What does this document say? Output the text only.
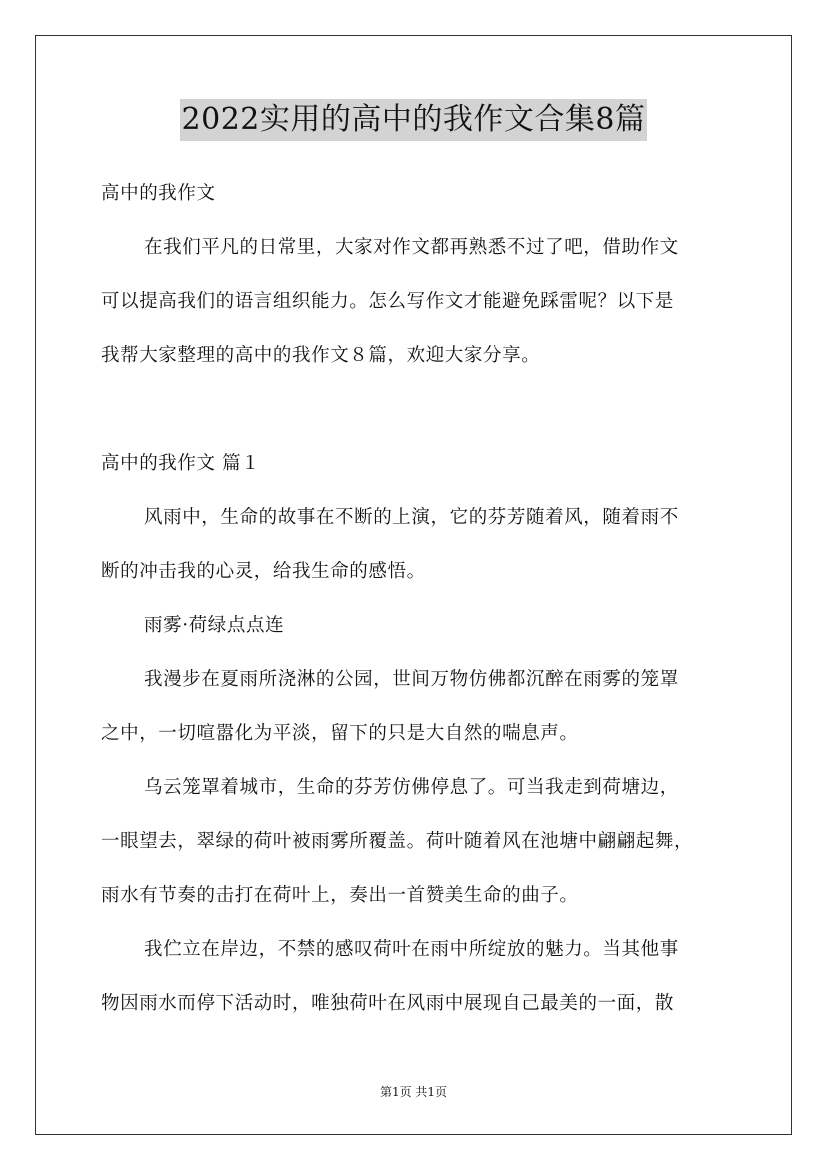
2022实用的高中的我作文合集8篇
高中的我作文
在我们平凡的日常里，大家对作文都再熟悉不过了吧，借助作文
可以提高我们的语言组织能力。怎么写作文才能避免踩雷呢？以下是
我帮大家整理的高中的我作文８篇，欢迎大家分享。
高中的我作文 篇１
风雨中，生命的故事在不断的上演，它的芬芳随着风，随着雨不
断的冲击我的心灵，给我生命的感悟。
雨雾·荷绿点点连
我漫步在夏雨所浇淋的公园，世间万物仿佛都沉醉在雨雾的笼罩
之中，一切喧嚣化为平淡，留下的只是大自然的喘息声。
乌云笼罩着城市，生命的芬芳仿佛停息了。可当我走到荷塘边，
一眼望去，翠绿的荷叶被雨雾所覆盖。荷叶随着风在池塘中翩翩起舞，
雨水有节奏的击打在荷叶上，奏出一首赞美生命的曲子。
我伫立在岸边，不禁的感叹荷叶在雨中所绽放的魅力。当其他事
物因雨水而停下活动时，唯独荷叶在风雨中展现自己最美的一面，散
第1页 共1页
